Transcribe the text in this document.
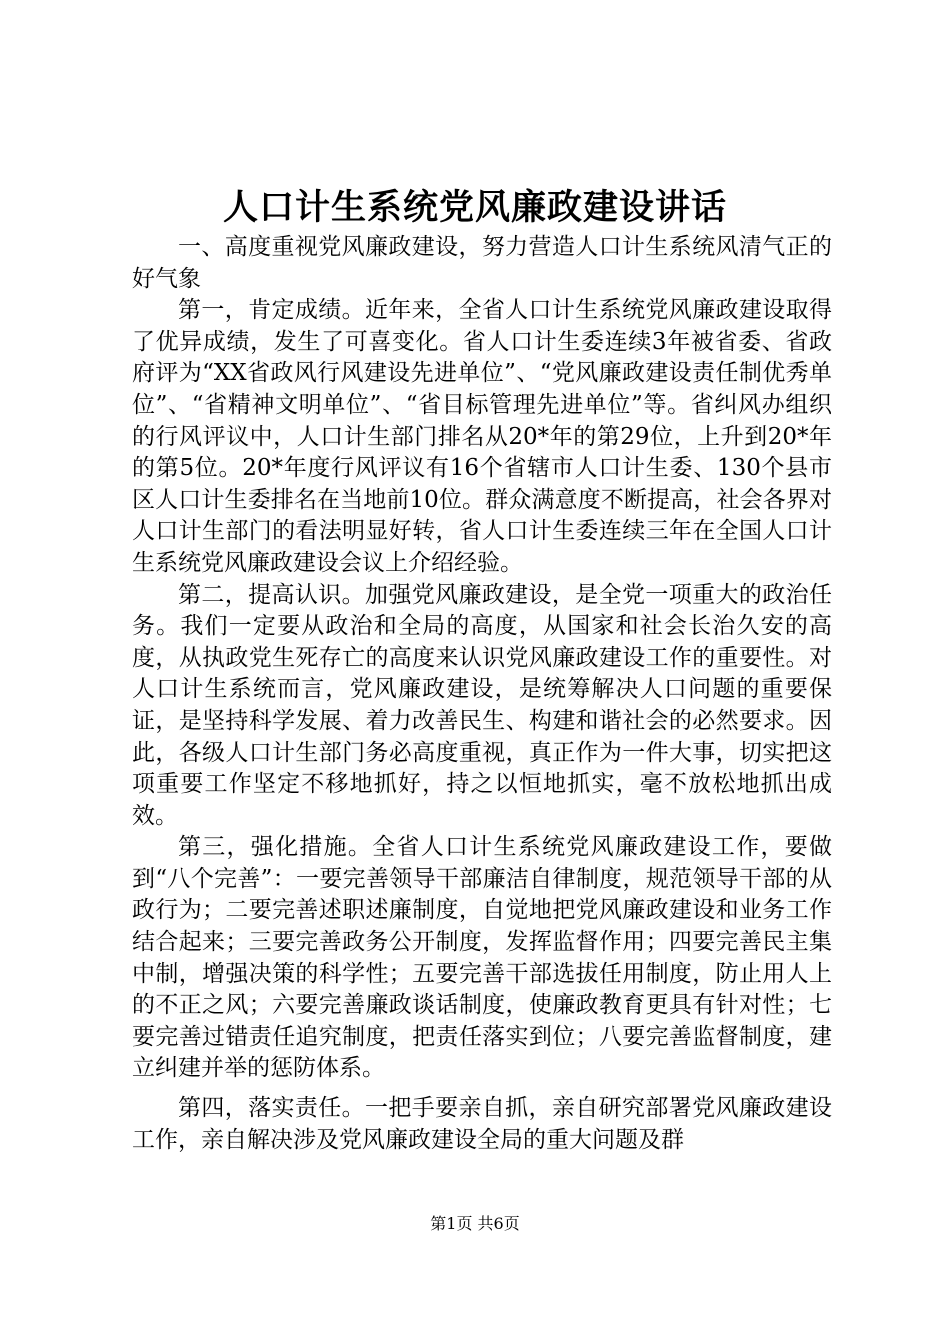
人口计生系统党风廉政建设讲话

一、高度重视党风廉政建设，努力营造人口计生系统风清气正的好气象

第一，肯定成绩。近年来，全省人口计生系统党风廉政建设取得了优异成绩，发生了可喜变化。省人口计生委连续3年被省委、省政府评为“XX省政风行风建设先进单位”、“党风廉政建设责任制优秀单位”、“省精神文明单位”、“省目标管理先进单位”等。省纠风办组织的行风评议中，人口计生部门排名从20*年的第29位，上升到20*年的第5位。20*年度行风评议有16个省辖市人口计生委、130个县市区人口计生委排名在当地前10位。群众满意度不断提高，社会各界对人口计生部门的看法明显好转，省人口计生委连续三年在全国人口计生系统党风廉政建设会议上介绍经验。

第二，提高认识。加强党风廉政建设，是全党一项重大的政治任务。我们一定要从政治和全局的高度，从国家和社会长治久安的高度，从执政党生死存亡的高度来认识党风廉政建设工作的重要性。对人口计生系统而言，党风廉政建设，是统筹解决人口问题的重要保证，是坚持科学发展、着力改善民生、构建和谐社会的必然要求。因此，各级人口计生部门务必高度重视，真正作为一件大事，切实把这项重要工作坚定不移地抓好，持之以恒地抓实，毫不放松地抓出成效。

第三，强化措施。全省人口计生系统党风廉政建设工作，要做到“八个完善”：一要完善领导干部廉洁自律制度，规范领导干部的从政行为；二要完善述职述廉制度，自觉地把党风廉政建设和业务工作结合起来；三要完善政务公开制度，发挥监督作用；四要完善民主集中制，增强决策的科学性；五要完善干部选拔任用制度，防止用人上的不正之风；六要完善廉政谈话制度，使廉政教育更具有针对性；七要完善过错责任追究制度，把责任落实到位；八要完善监督制度，建立纠建并举的惩防体系。

第四，落实责任。一把手要亲自抓，亲自研究部署党风廉政建设工作，亲自解决涉及党风廉政建设全局的重大问题及群

第1页 共6页
